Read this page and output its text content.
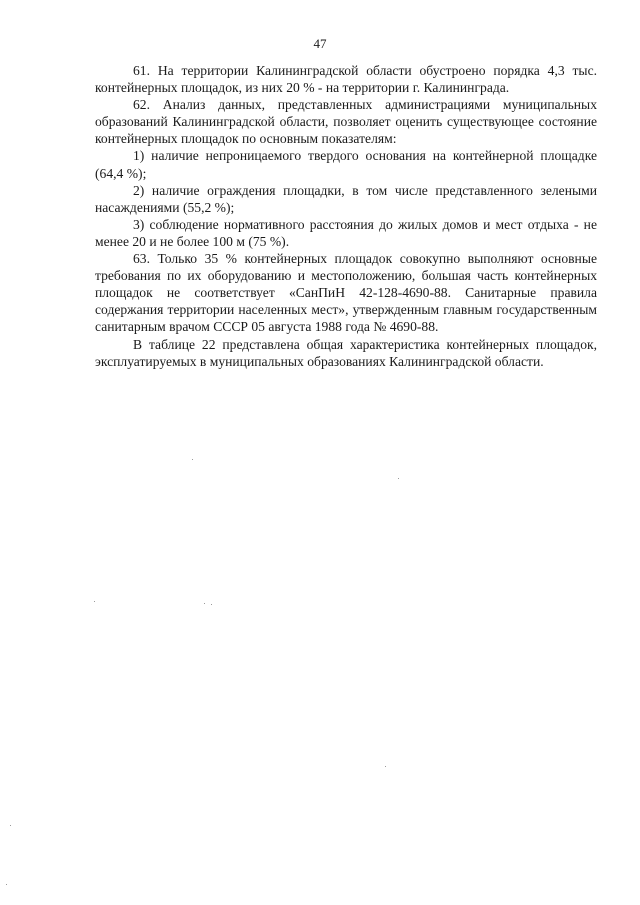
47

61. На территории Калининградской области обустроено порядка 4,3 тыс. контейнерных площадок, из них 20 % - на территории г. Калининграда.

62. Анализ данных, представленных администрациями муниципальных образований Калининградской области, позволяет оценить существующее состояние контейнерных площадок по основным показателям:

1) наличие непроницаемого твердого основания на контейнерной площадке (64,4 %);

2) наличие ограждения площадки, в том числе представленного зелеными насаждениями (55,2 %);

3) соблюдение нормативного расстояния до жилых домов и мест отдыха - не менее 20 и не более 100 м (75 %).

63. Только 35 % контейнерных площадок совокупно выполняют основные требования по их оборудованию и местоположению, большая часть контейнерных площадок не соответствует «СанПиН 42-128-4690-88. Санитарные правила содержания территории населенных мест», утвержденным главным государственным санитарным врачом СССР 05 августа 1988 года № 4690-88.

В таблице 22 представлена общая характеристика контейнерных площадок, эксплуатируемых в муниципальных образованиях Калининградской области.
